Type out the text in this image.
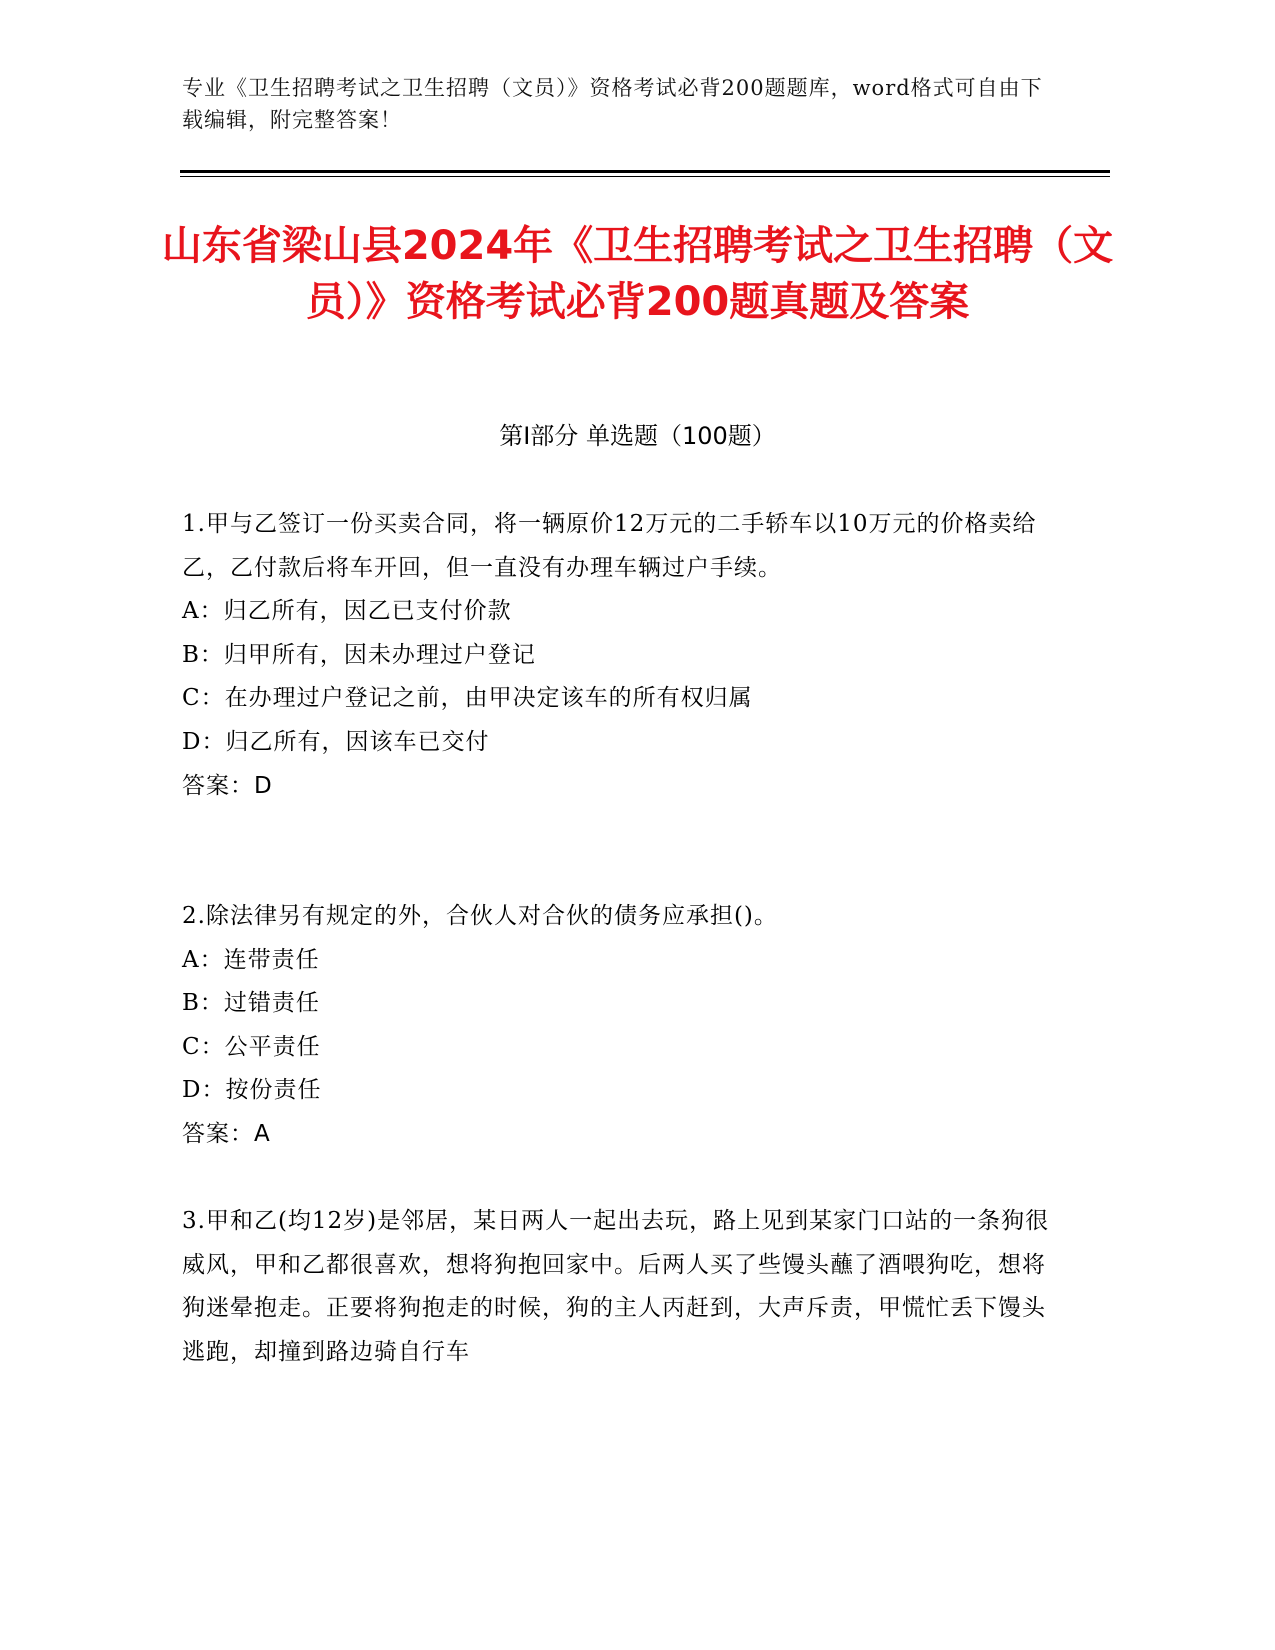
专业《卫生招聘考试之卫生招聘（文员）》资格考试必背200题题库，word格式可自由下载编辑，附完整答案！
山东省梁山县2024年《卫生招聘考试之卫生招聘（文员）》资格考试必背200题真题及答案
第Ⅰ部分 单选题（100题）

1.甲与乙签订一份买卖合同，将一辆原价12万元的二手轿车以10万元的价格卖给乙，乙付款后将车开回，但一直没有办理车辆过户手续。

A：归乙所有，因乙已支付价款

B：归甲所有，因未办理过户登记

C：在办理过户登记之前，由甲决定该车的所有权归属

D：归乙所有，因该车已交付

答案：D

2.除法律另有规定的外，合伙人对合伙的债务应承担()。

A：连带责任

B：过错责任

C：公平责任

D：按份责任

答案：A

3.甲和乙(均12岁)是邻居，某日两人一起出去玩，路上见到某家门口站的一条狗很威风，甲和乙都很喜欢，想将狗抱回家中。后两人买了些馒头蘸了酒喂狗吃，想将狗迷晕抱走。正要将狗抱走的时候，狗的主人丙赶到，大声斥责，甲慌忙丢下馒头逃跑，却撞到路边骑自行车
